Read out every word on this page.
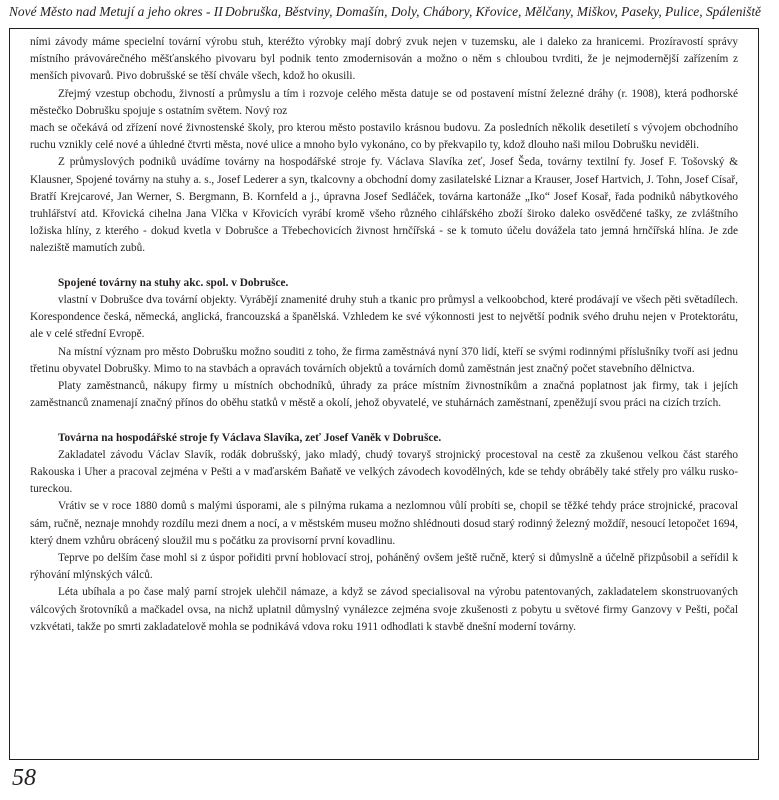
Nové Město nad Metují a jeho okres - II Dobruška, Běstviny, Domašín, Doly, Chábory, Křovice, Mělčany, Miškov, Paseky, Pulice, Spáleniště

ními závody máme specielní tovární výrobu stuh, kteréžto výrobky mají dobrý zvuk nejen v tuzemsku, ale i daleko za hranicemi. Prozíravostí správy místního právovárečného měšťanského pivovaru byl podnik tento zmodernisován a možno o něm s chloubou tvrditi, že je nejmodernější zařízením z menších pivovarů. Pivo dobrušské se těší chvále všech, kdož ho okusili.

Zřejmý vzestup obchodu, živností a průmyslu a tím i rozvoje celého města datuje se od postavení místní železné dráhy (r. 1908), která podhorské městečko Dobrušku spojuje s ostatním světem. Nový roz

mach se očekává od zřízení nové živnostenské školy, pro kterou město postavilo krásnou budovu. Za posledních několik desetiletí s vývojem obchodního ruchu vznikly celé nové a úhledné čtvrti města, nové ulice a mnoho bylo vykonáno, co by překvapilo ty, kdož dlouho naši milou Dobrušku neviděli.

Z průmyslových podniků uvádíme továrny na hospodářské stroje fy. Václava Slavíka zeť, Josef Šeda, továrny textilní fy. Josef F. Tošovský & Klausner, Spojené továrny na stuhy a. s., Josef Lederer a syn, tkalcovny a obchodní domy zasilatelské Liznar a Krauser, Josef Hartvich, J. Tohn, Josef Císař, Bratří Krejcarové, Jan Werner, S. Bergmann, B. Kornfeld a j., úpravna Josef Sedláček, továrna kartonáže „Iko“ Josef Kosař, řada podniků nábytkového truhlářství atd. Křovická cihelna Jana Vlčka v Křovicích vyrábí kromě všeho různého cihlářského zboží široko daleko osvědčené tašky, ze zvláštního ložiska hlíny, z kterého - dokud kvetla v Dobrušce a Třebechovicích živnost hrnčířská - se k tomuto účelu dovážela tato jemná hrnčířská hlína. Je zde naleziště mamutích zubů.

Spojené továrny na stuhy akc. spol. v Dobrušce.

vlastní v Dobrušce dva tovární objekty. Vyrábějí znamenité druhy stuh a tkanic pro průmysl a velkoobchod, které prodávají ve všech pěti světadílech. Korespondence česká, německá, anglická, francouzská a španělská. Vzhledem ke své výkonnosti jest to největší podnik svého druhu nejen v Protektorátu, ale v celé střední Evropě.

Na místní význam pro město Dobrušku možno souditi z toho, že firma zaměstnává nyní 370 lidí, kteří se svými rodinnými příslušníky tvoří asi jednu třetinu obyvatel Dobrušky. Mimo to na stavbách a opravách továrních objektů a továrních domů zaměstnán jest značný počet stavebního dělnictva.

Platy zaměstnanců, nákupy firmy u místních obchodníků, úhrady za práce místním živnostníkům a značná poplatnost jak firmy, tak i jejích zaměstnanců znamenají značný přínos do oběhu statků v městě a okolí, jehož obyvatelé, ve stuhárnách zaměstnaní, zpeněžují svou práci na cizích trzích.

Továrna na hospodářské stroje fy Václava Slavíka, zeť Josef Vaněk v Dobrušce.

Zakladatel závodu Václav Slavík, rodák dobrušský, jako mladý, chudý tovaryš strojnický procestoval na cestě za zkušenou velkou část starého Rakouska i Uher a pracoval zejména v Pešti a v maďarském Baňatě ve velkých závodech kovodělných, kde se tehdy obráběly také střely pro válku rusko-tureckou.

Vrátiv se v roce 1880 domů s malými úsporami, ale s pilnýma rukama a nezlomnou vůlí probíti se, chopil se těžké tehdy práce strojnické, pracoval sám, ručně, neznaje mnohdy rozdílu mezi dnem a nocí, a v městském museu možno shlédnouti dosud starý rodinný železný moždíř, nesoucí letopočet 1694, který dnem vzhůru obrácený sloužil mu s počátku za provisorní první kovadlinu.

Teprve po delším čase mohl si z úspor pořiditi první hoblovací stroj, poháněný ovšem ještě ručně, který si důmyslně a účelně přizpůsobil a seřídil k rýhování mlýnských válců.

Léta ubíhala a po čase malý parní strojek ulehčil námaze, a když se závod specialisoval na výrobu patentovaných, zakladatelem skonstruovaných válcových šrotovníků a mačkadel ovsa, na nichž uplatnil důmyslný vynálezce zejména svoje zkušenosti z pobytu u světové firmy Ganzovy v Pešti, počal vzkvétati, takže po smrti zakladatelově mohla se podnikává vdova roku 1911 odhodlati k stavbě dnešní moderní továrny.

58
